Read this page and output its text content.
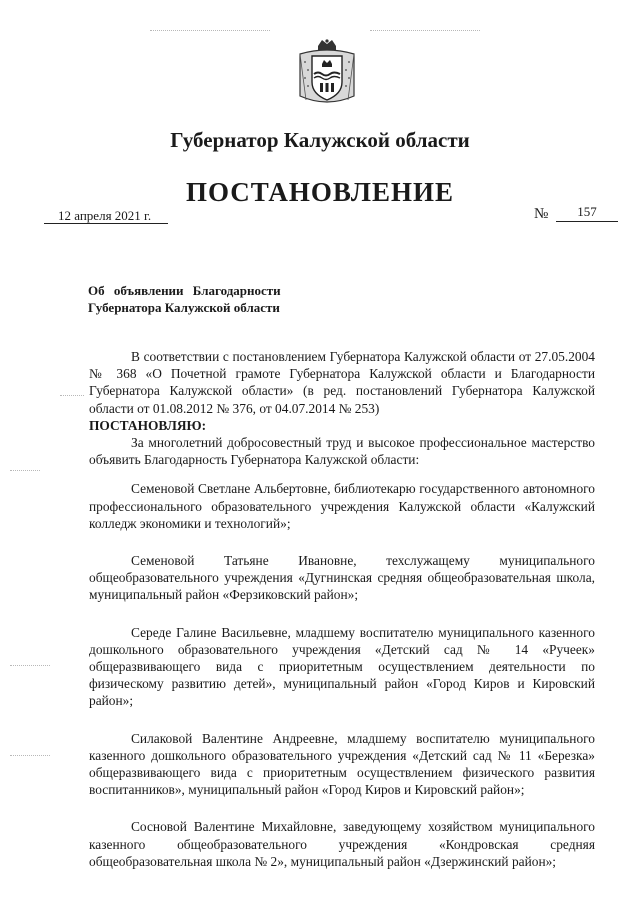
Губернатор Калужской области
ПОСТАНОВЛЕНИЕ
12 апреля 2021 г.	№	157
Об объявлении Благодарности
Губернатора Калужской области

В соответствии с постановлением Губернатора Калужской области от 27.05.2004 № 368 «О Почетной грамоте Губернатора Калужской области и Благодарности Губернатора Калужской области» (в ред. постановлений Губернатора Калужской области от 01.08.2012 № 376, от 04.07.2014 № 253)

ПОСТАНОВЛЯЮ:

За многолетний добросовестный труд и высокое профессиональное мастерство объявить Благодарность Губернатора Калужской области:

Семеновой Светлане Альбертовне, библиотекарю государственного автономного профессионального образовательного учреждения Калужской области «Калужский колледж экономики и технологий»;

Семеновой Татьяне Ивановне, техслужащему муниципального общеобразовательного учреждения «Дугнинская средняя общеобразовательная школа, муниципальный район «Ферзиковский район»;

Середе Галине Васильевне, младшему воспитателю муниципального казенного дошкольного образовательного учреждения «Детский сад № 14 «Ручеек» общеразвивающего вида с приоритетным осуществлением деятельности по физическому развитию детей», муниципальный район «Город Киров и Кировский район»;

Силаковой Валентине Андреевне, младшему воспитателю муниципального казенного дошкольного образовательного учреждения «Детский сад № 11 «Березка» общеразвивающего вида с приоритетным осуществлением физического развития воспитанников», муниципальный район «Город Киров и Кировский район»;

Сосновой Валентине Михайловне, заведующему хозяйством муниципального казенного общеобразовательного учреждения «Кондровская средняя общеобразовательная школа № 2», муниципальный район «Дзержинский район»;
